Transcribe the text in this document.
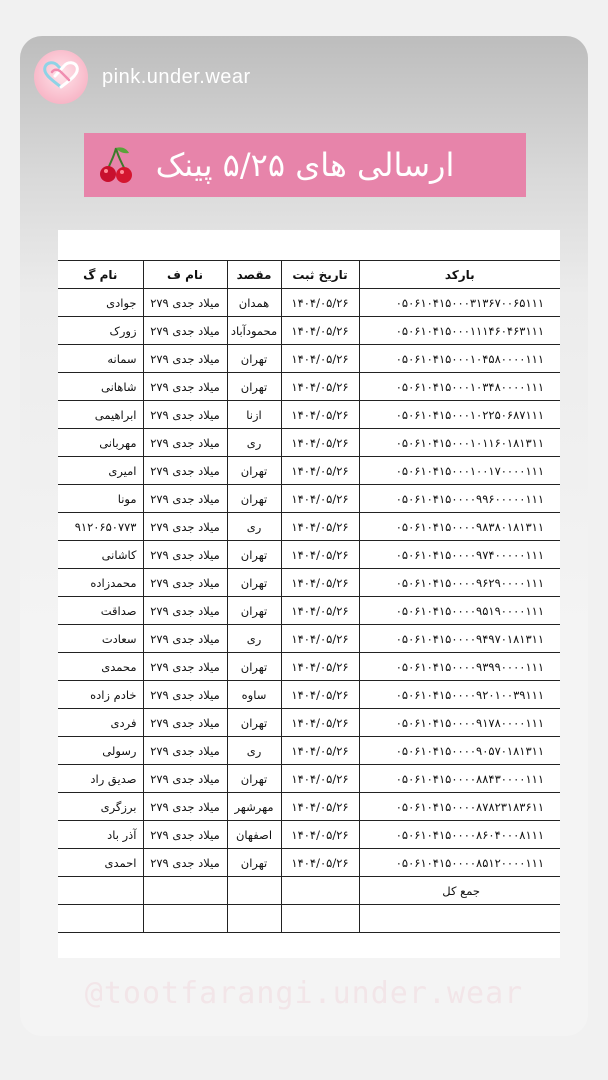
pink.under.wear
ارسالی های ۵/۲۵ پینک
نام گ	نام ف	مقصد	تاریخ ثبت	بارکد
جوادی	میلاد جدی ۲۷۹	همدان	۱۴۰۴/۰۵/۲۶	۰۵۰۶۱۰۴۱۵۰۰۰۳۱۳۶۷۰۰۶۵۱۱۱
زورک	میلاد جدی ۲۷۹	محمودآباد	۱۴۰۴/۰۵/۲۶	۰۵۰۶۱۰۴۱۵۰۰۰۱۱۱۴۶۰۴۶۳۱۱۱
سمانه	میلاد جدی ۲۷۹	تهران	۱۴۰۴/۰۵/۲۶	۰۵۰۶۱۰۴۱۵۰۰۰۱۰۴۵۸۰۰۰۰۱۱۱
شاهانی	میلاد جدی ۲۷۹	تهران	۱۴۰۴/۰۵/۲۶	۰۵۰۶۱۰۴۱۵۰۰۰۱۰۳۴۸۰۰۰۰۱۱۱
ابراهیمی	میلاد جدی ۲۷۹	ازنا	۱۴۰۴/۰۵/۲۶	۰۵۰۶۱۰۴۱۵۰۰۰۱۰۲۲۵۰۶۸۷۱۱۱
مهربانی	میلاد جدی ۲۷۹	ری	۱۴۰۴/۰۵/۲۶	۰۵۰۶۱۰۴۱۵۰۰۰۱۰۱۱۶۰۱۸۱۳۱۱
امیری	میلاد جدی ۲۷۹	تهران	۱۴۰۴/۰۵/۲۶	۰۵۰۶۱۰۴۱۵۰۰۰۱۰۰۱۷۰۰۰۰۱۱۱
مونا	میلاد جدی ۲۷۹	تهران	۱۴۰۴/۰۵/۲۶	۰۵۰۶۱۰۴۱۵۰۰۰۰۹۹۶۰۰۰۰۰۱۱۱
۹۱۲۰۶۵۰۷۷۳	میلاد جدی ۲۷۹	ری	۱۴۰۴/۰۵/۲۶	۰۵۰۶۱۰۴۱۵۰۰۰۰۹۸۳۸۰۱۸۱۳۱۱
کاشانی	میلاد جدی ۲۷۹	تهران	۱۴۰۴/۰۵/۲۶	۰۵۰۶۱۰۴۱۵۰۰۰۰۹۷۴۰۰۰۰۰۱۱۱
محمدزاده	میلاد جدی ۲۷۹	تهران	۱۴۰۴/۰۵/۲۶	۰۵۰۶۱۰۴۱۵۰۰۰۰۹۶۲۹۰۰۰۰۱۱۱
صداقت	میلاد جدی ۲۷۹	تهران	۱۴۰۴/۰۵/۲۶	۰۵۰۶۱۰۴۱۵۰۰۰۰۹۵۱۹۰۰۰۰۱۱۱
سعادت	میلاد جدی ۲۷۹	ری	۱۴۰۴/۰۵/۲۶	۰۵۰۶۱۰۴۱۵۰۰۰۰۹۴۹۷۰۱۸۱۳۱۱
محمدی	میلاد جدی ۲۷۹	تهران	۱۴۰۴/۰۵/۲۶	۰۵۰۶۱۰۴۱۵۰۰۰۰۹۳۹۹۰۰۰۰۱۱۱
خادم زاده	میلاد جدی ۲۷۹	ساوه	۱۴۰۴/۰۵/۲۶	۰۵۰۶۱۰۴۱۵۰۰۰۰۹۲۰۱۰۰۳۹۱۱۱
فردی	میلاد جدی ۲۷۹	تهران	۱۴۰۴/۰۵/۲۶	۰۵۰۶۱۰۴۱۵۰۰۰۰۹۱۷۸۰۰۰۰۱۱۱
رسولی	میلاد جدی ۲۷۹	ری	۱۴۰۴/۰۵/۲۶	۰۵۰۶۱۰۴۱۵۰۰۰۰۹۰۵۷۰۱۸۱۳۱۱
صدیق راد	میلاد جدی ۲۷۹	تهران	۱۴۰۴/۰۵/۲۶	۰۵۰۶۱۰۴۱۵۰۰۰۰۸۸۴۳۰۰۰۰۱۱۱
برزگری	میلاد جدی ۲۷۹	مهرشهر	۱۴۰۴/۰۵/۲۶	۰۵۰۶۱۰۴۱۵۰۰۰۰۸۷۸۲۳۱۸۳۶۱۱
آذر باد	میلاد جدی ۲۷۹	اصفهان	۱۴۰۴/۰۵/۲۶	۰۵۰۶۱۰۴۱۵۰۰۰۰۸۶۰۴۰۰۰۸۱۱۱
احمدی	میلاد جدی ۲۷۹	تهران	۱۴۰۴/۰۵/۲۶	۰۵۰۶۱۰۴۱۵۰۰۰۰۸۵۱۲۰۰۰۰۱۱۱
				جمع کل

@tootfarangi.under.wear
